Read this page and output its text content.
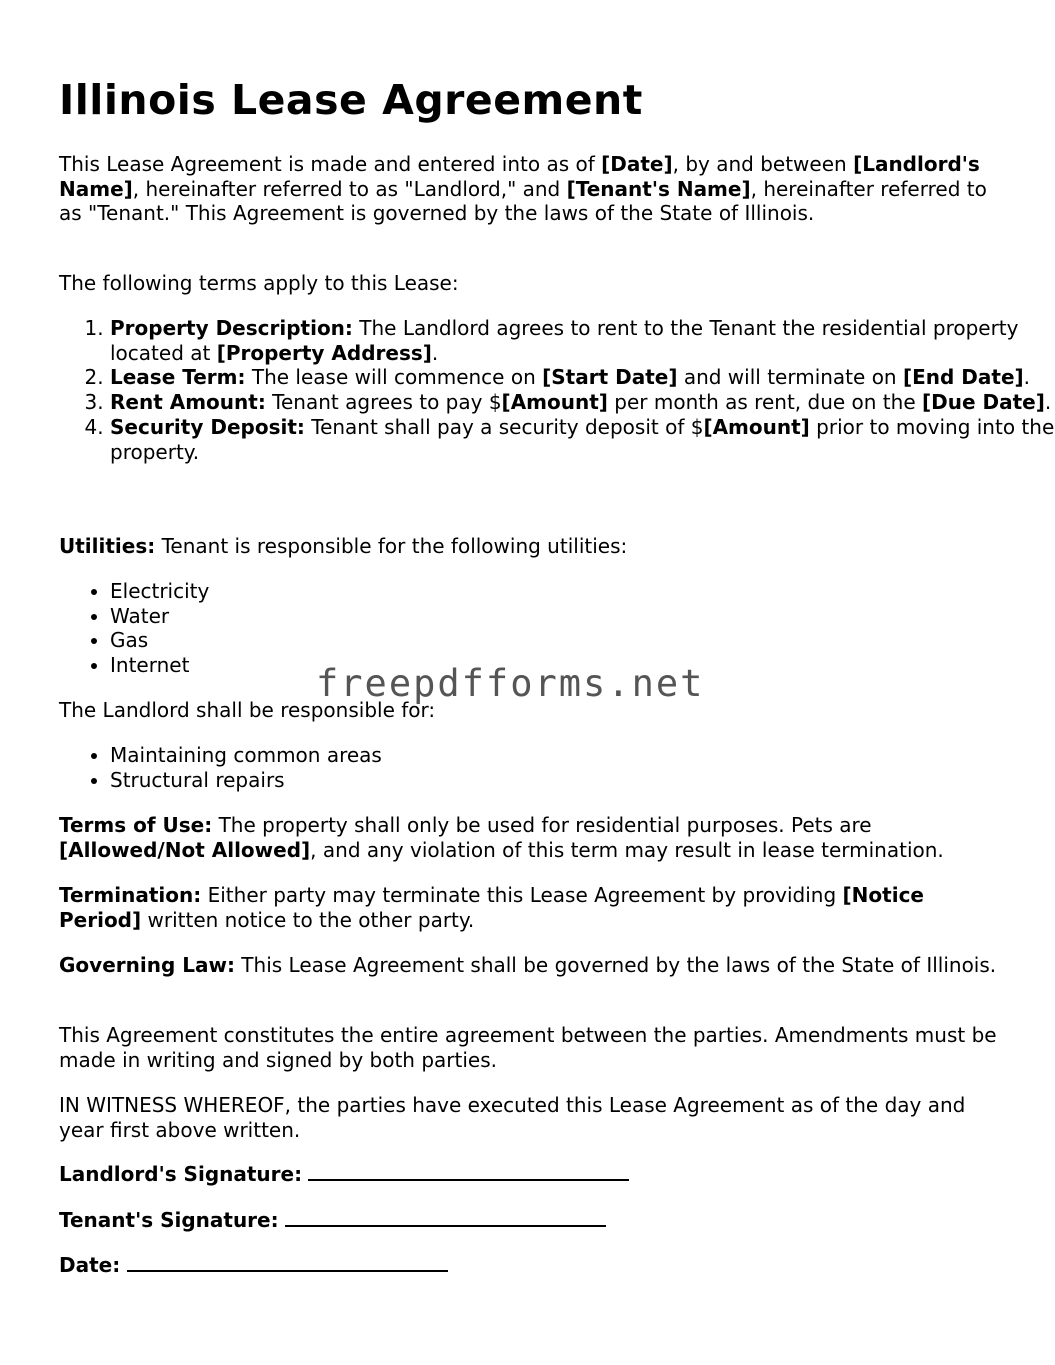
Illinois Lease Agreement

This Lease Agreement is made and entered into as of [Date], by and between [Landlord's Name], hereinafter referred to as "Landlord," and [Tenant's Name], hereinafter referred to as "Tenant." This Agreement is governed by the laws of the State of Illinois.

The following terms apply to this Lease:

1. Property Description: The Landlord agrees to rent to the Tenant the residential property located at [Property Address].
2. Lease Term: The lease will commence on [Start Date] and will terminate on [End Date].
3. Rent Amount: Tenant agrees to pay $[Amount] per month as rent, due on the [Due Date].
4. Security Deposit: Tenant shall pay a security deposit of $[Amount] prior to moving into the property.

Utilities: Tenant is responsible for the following utilities:

• Electricity
• Water
• Gas
• Internet

The Landlord shall be responsible for:

• Maintaining common areas
• Structural repairs

Terms of Use: The property shall only be used for residential purposes. Pets are [Allowed/Not Allowed], and any violation of this term may result in lease termination.

Termination: Either party may terminate this Lease Agreement by providing [Notice Period] written notice to the other party.

Governing Law: This Lease Agreement shall be governed by the laws of the State of Illinois.

This Agreement constitutes the entire agreement between the parties. Amendments must be made in writing and signed by both parties.

IN WITNESS WHEREOF, the parties have executed this Lease Agreement as of the day and year first above written.

Landlord's Signature:

Tenant's Signature:

Date:

freepdfforms.net
